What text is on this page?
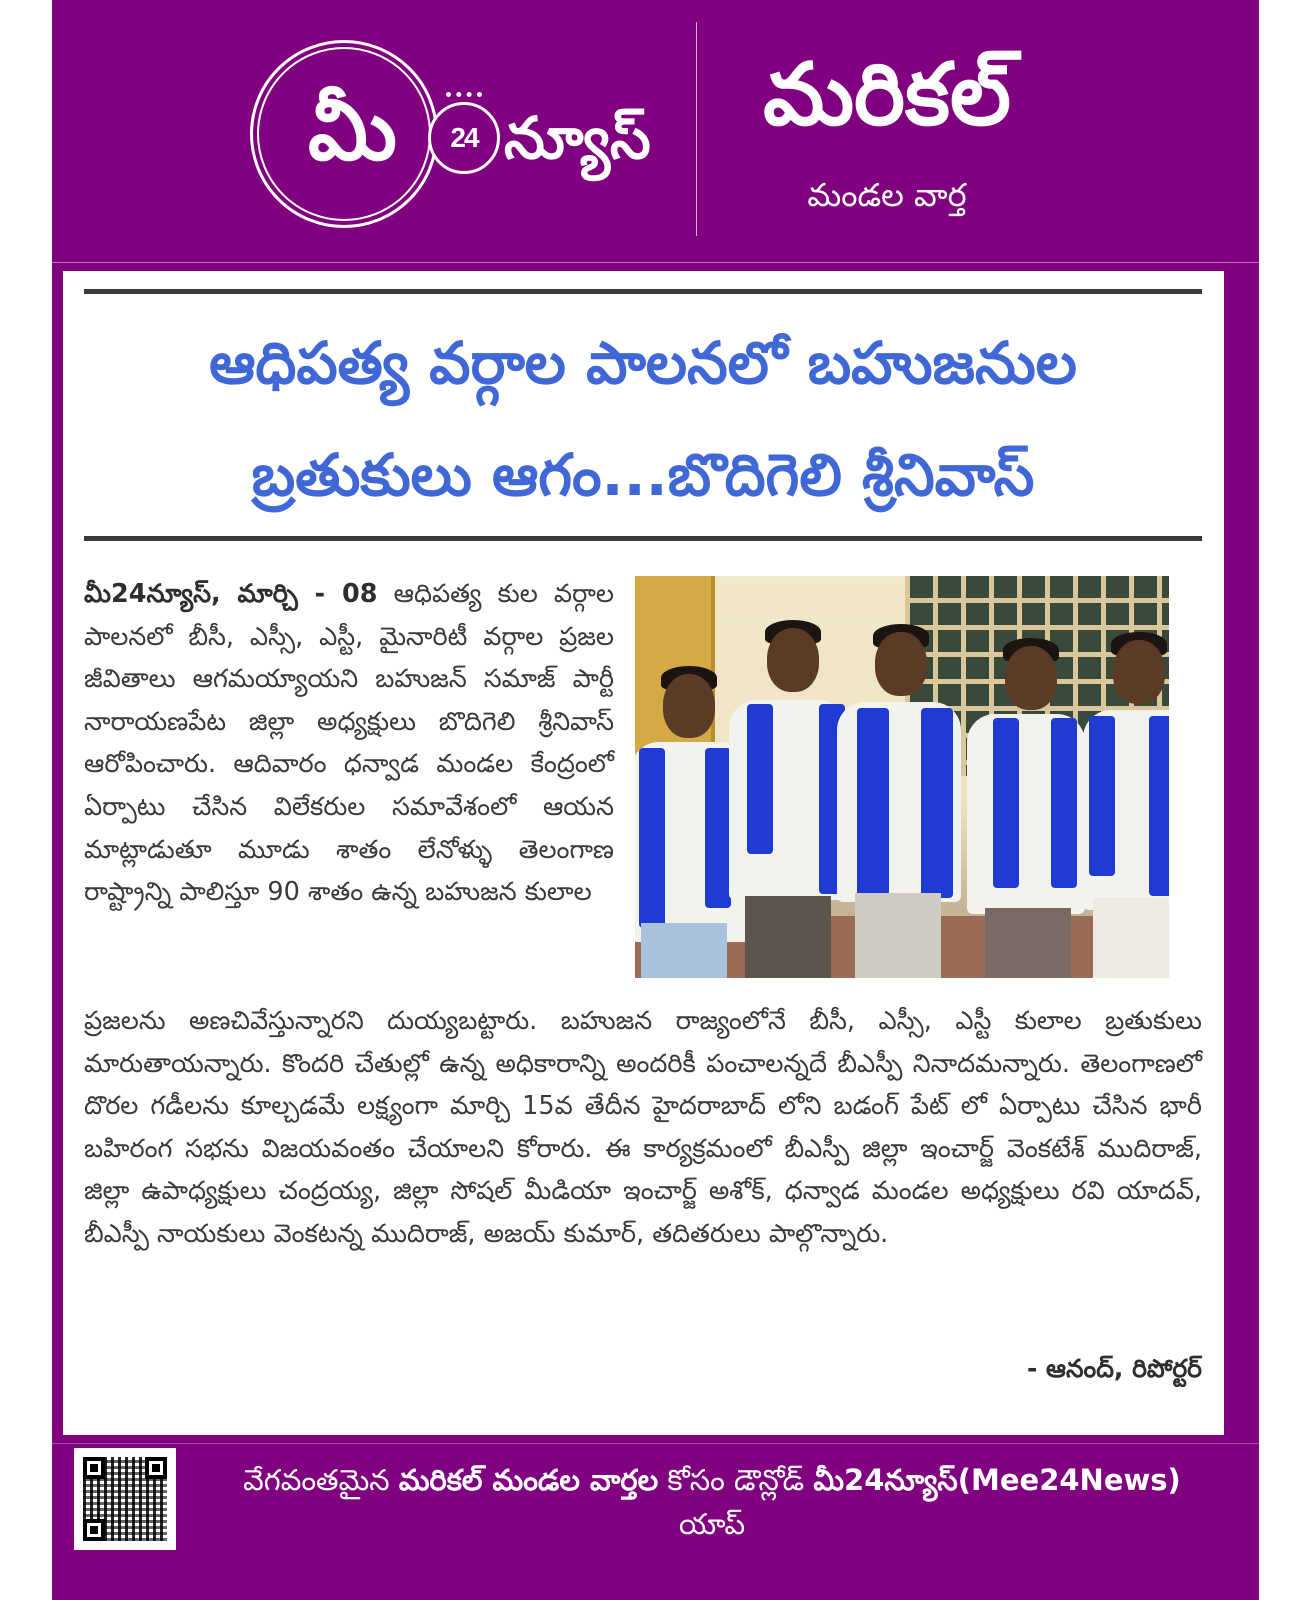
మీ 24 న్యూస్	మరికల్
మండల వార్త
ఆధిపత్య వర్గాల పాలనలో బహుజనుల
బ్రతుకులు ఆగం...బొదిగెలి శ్రీనివాస్

మీ24న్యూస్, మార్చి - 08 ఆధిపత్య కుల వర్గాల పాలనలో బీసీ, ఎస్సీ, ఎస్టీ, మైనారిటీ వర్గాల ప్రజల జీవితాలు ఆగమయ్యాయని బహుజన్ సమాజ్ పార్టీ నారాయణపేట జిల్లా అధ్యక్షులు బొదిగెలి శ్రీనివాస్ ఆరోపించారు. ఆదివారం ధన్వాడ మండల కేంద్రంలో ఏర్పాటు చేసిన విలేకరుల సమావేశంలో ఆయన మాట్లాడుతూ మూడు శాతం లేనోళ్ళు తెలంగాణ రాష్ట్రాన్ని పాలిస్తూ 90 శాతం ఉన్న బహుజన కులాల

ప్రజలను అణచివేస్తున్నారని దుయ్యబట్టారు. బహుజన రాజ్యంలోనే బీసీ, ఎస్సీ, ఎస్టీ కులాల బ్రతుకులు మారుతాయన్నారు. కొందరి చేతుల్లో ఉన్న అధికారాన్ని అందరికీ పంచాలన్నదే బీఎస్పీ నినాదమన్నారు. తెలంగాణలో దొరల గడీలను కూల్చడమే లక్ష్యంగా మార్చి 15వ తేదీన హైదరాబాద్ లోని బడంగ్ పేట్ లో ఏర్పాటు చేసిన భారీ బహిరంగ సభను విజయవంతం చేయాలని కోరారు. ఈ కార్యక్రమంలో బీఎస్పీ జిల్లా ఇంచార్జ్ వెంకటేశ్ ముదిరాజ్, జిల్లా ఉపాధ్యక్షులు చంద్రయ్య, జిల్లా సోషల్ మీడియా ఇంచార్జ్ అశోక్, ధన్వాడ మండల అధ్యక్షులు రవి యాదవ్, బీఎస్పీ నాయకులు వెంకటన్న ముదిరాజ్, అజయ్ కుమార్, తదితరులు పాల్గొన్నారు.

- ఆనంద్, రిపోర్టర్
వేగవంతమైన మరికల్ మండల వార్తల కోసం డౌన్లోడ్ మీ24న్యూస్(Mee24News)
యాప్
